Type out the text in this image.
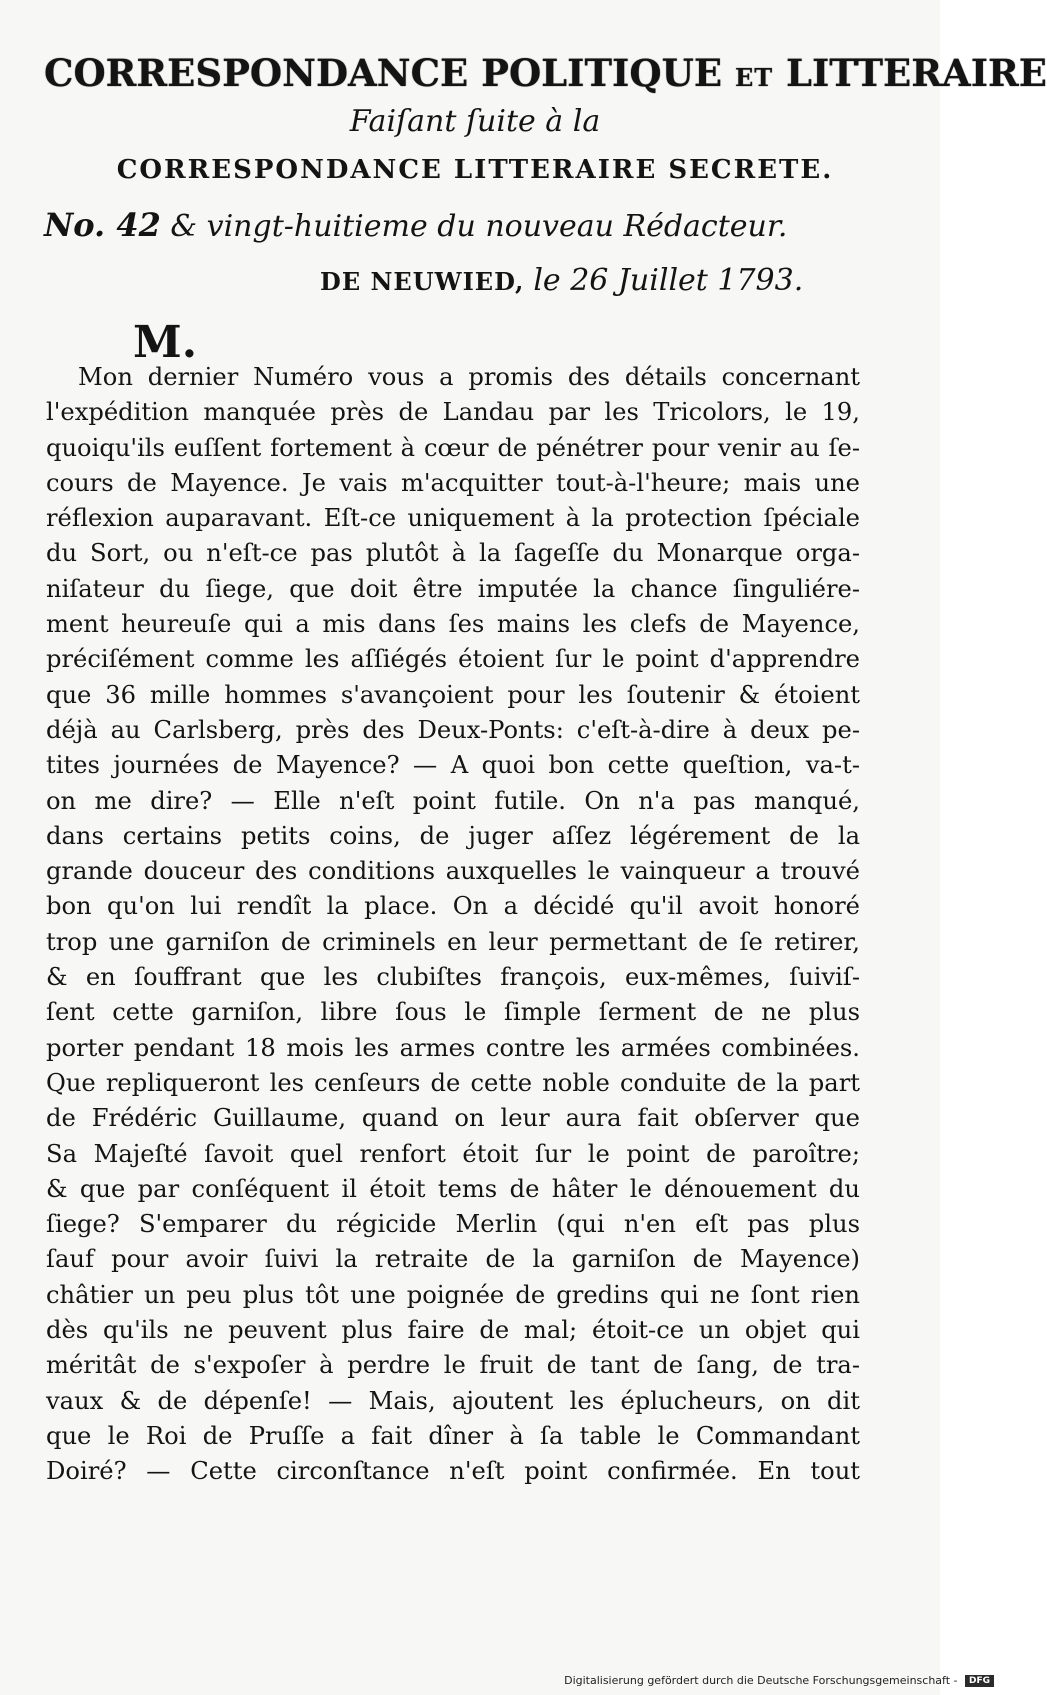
CORRESPONDANCE POLITIQUE ET LITTERAIRE
Faiſant ſuite à la
CORRESPONDANCE LITTERAIRE SECRETE.
No. 42 & vingt-huitieme du nouveau Rédacteur.
DE NEUWIED, le 26 Juillet 1793.
M.
Mon dernier Numéro vous a promis des détails concernant
l'expédition manquée près de Landau par les Tricolors, le 19,
quoiqu'ils euſſent fortement à cœur de pénétrer pour venir au ſe-
cours de Mayence. Je vais m'acquitter tout-à-l'heure; mais une
réflexion auparavant. Eſt-ce uniquement à la protection ſpéciale
du Sort, ou n'eſt-ce pas plutôt à la ſageſſe du Monarque orga-
niſateur du ſiege, que doit être imputée la chance ſinguliére-
ment heureuſe qui a mis dans ſes mains les clefs de Mayence,
préciſément comme les aſſiégés étoient ſur le point d'apprendre
que 36 mille hommes s'avançoient pour les ſoutenir & étoient
déjà au Carlsberg, près des Deux-Ponts: c'eſt-à-dire à deux pe-
tites journées de Mayence? — A quoi bon cette queſtion, va-t-
on me dire? — Elle n'eſt point futile. On n'a pas manqué,
dans certains petits coins, de juger aſſez légérement de la
grande douceur des conditions auxquelles le vainqueur a trouvé
bon qu'on lui rendît la place. On a décidé qu'il avoit honoré
trop une garniſon de criminels en leur permettant de ſe retirer,
& en ſouffrant que les clubiſtes françois, eux-mêmes, ſuiviſ-
ſent cette garniſon, libre ſous le ſimple ſerment de ne plus
porter pendant 18 mois les armes contre les armées combinées.
Que repliqueront les cenſeurs de cette noble conduite de la part
de Frédéric Guillaume, quand on leur aura fait obſerver que
Sa Majeſté ſavoit quel renfort étoit ſur le point de paroître;
& que par conſéquent il étoit tems de hâter le dénouement du
ſiege? S'emparer du régicide Merlin (qui n'en eſt pas plus
ſauf pour avoir ſuivi la retraite de la garniſon de Mayence)
châtier un peu plus tôt une poignée de gredins qui ne ſont rien
dès qu'ils ne peuvent plus faire de mal; étoit-ce un objet qui
méritât de s'expoſer à perdre le fruit de tant de ſang, de tra-
vaux & de dépenſe! — Mais, ajoutent les éplucheurs, on dit
que le Roi de Pruſſe a fait dîner à ſa table le Commandant
Doiré? — Cette circonſtance n'eſt point confirmée. En tout
Digitalisierung gefördert durch die Deutsche Forschungsgemeinschaft - DFG
